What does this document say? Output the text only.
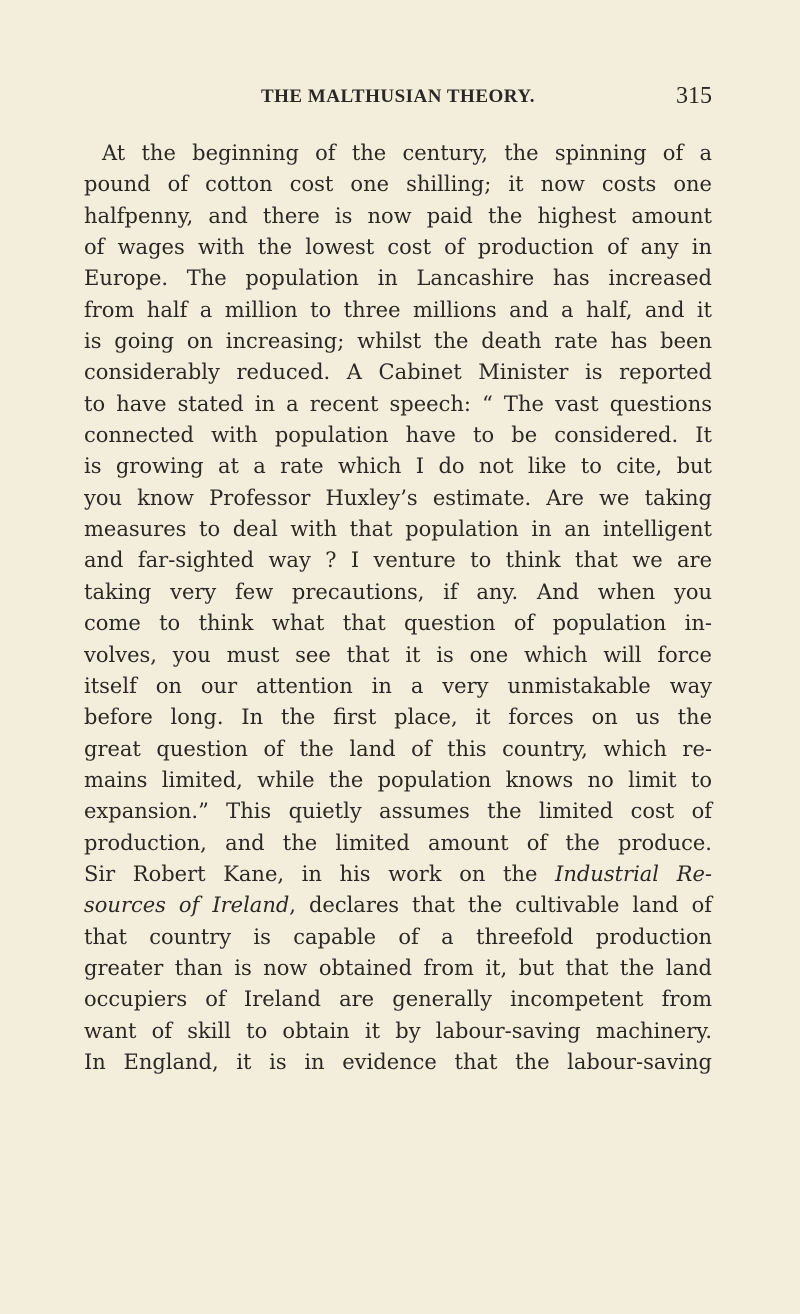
THE MALTHUSIAN THEORY.	315
At the beginning of the century, the spinning of a
pound of cotton cost one shilling; it now costs one
halfpenny, and there is now paid the highest amount
of wages with the lowest cost of production of any in
Europe. The population in Lancashire has increased
from half a million to three millions and a half, and it
is going on increasing; whilst the death rate has been
considerably reduced. A Cabinet Minister is reported
to have stated in a recent speech: “ The vast questions
connected with population have to be considered. It
is growing at a rate which I do not like to cite, but
you know Professor Huxley’s estimate. Are we taking
measures to deal with that population in an intelligent
and far-sighted way ? I venture to think that we are
taking very few precautions, if any. And when you
come to think what that question of population in-
volves, you must see that it is one which will force
itself on our attention in a very unmistakable way
before long. In the first place, it forces on us the
great question of the land of this country, which re-
mains limited, while the population knows no limit to
expansion.” This quietly assumes the limited cost of
production, and the limited amount of the produce.
Sir Robert Kane, in his work on the Industrial Re-
sources of Ireland, declares that the cultivable land of
that country is capable of a threefold production
greater than is now obtained from it, but that the land
occupiers of Ireland are generally incompetent from
want of skill to obtain it by labour-saving machinery.
In England, it is in evidence that the labour-saving
